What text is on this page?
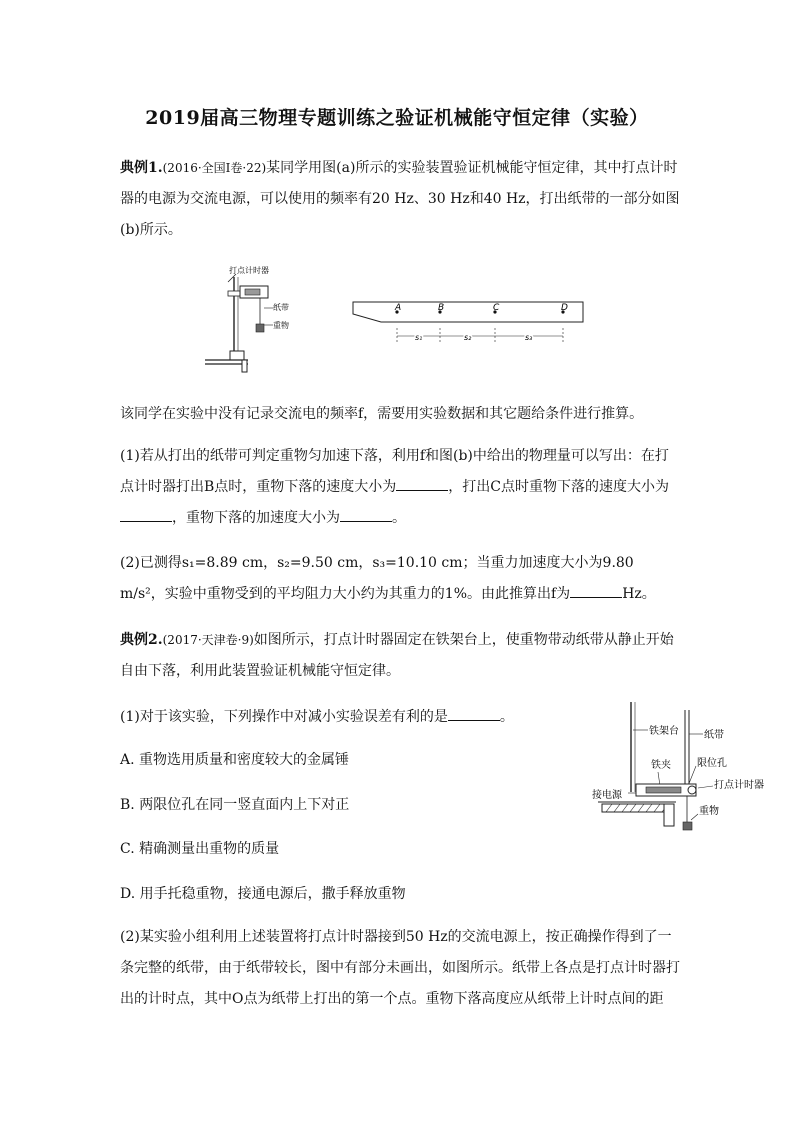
2019届高三物理专题训练之验证机械能守恒定律（实验）
典例1.(2016·全国Ⅰ卷·22)某同学用图(a)所示的实验装置验证机械能守恒定律，其中打点计时器的电源为交流电源，可以使用的频率有20 Hz、30 Hz和40 Hz，打出纸带的一部分如图(b)所示。
打点计时器
纸带
重物
A	B	C	D
s₁	s₂	s₃
该同学在实验中没有记录交流电的频率f，需要用实验数据和其它题给条件进行推算。
(1)若从打出的纸带可判定重物匀加速下落，利用f和图(b)中给出的物理量可以写出：在打点计时器打出B点时，重物下落的速度大小为	，打出C点时重物下落的速度大小为，重物下落的加速度大小为	。
(2)已测得s₁=8.89 cm，s₂=9.50 cm，s₃=10.10 cm；当重力加速度大小为9.80 m/s²，实验中重物受到的平均阻力大小约为其重力的1%。由此推算出f为	Hz。
典例2.(2017·天津卷·9)如图所示，打点计时器固定在铁架台上，使重物带动纸带从静止开始自由下落，利用此装置验证机械能守恒定律。
(1)对于该实验，下列操作中对减小实验误差有利的是	。
A. 重物选用质量和密度较大的金属锤
B. 两限位孔在同一竖直面内上下对正
C. 精确测量出重物的质量
D. 用手托稳重物，接通电源后，撒手释放重物
铁架台	纸带
铁夹	限位孔
打点计时器
接电源
重物
(2)某实验小组利用上述装置将打点计时器接到50 Hz的交流电源上，按正确操作得到了一条完整的纸带，由于纸带较长，图中有部分未画出，如图所示。纸带上各点是打点计时器打出的计时点，其中O点为纸带上打出的第一个点。重物下落高度应从纸带上计时点间的距
